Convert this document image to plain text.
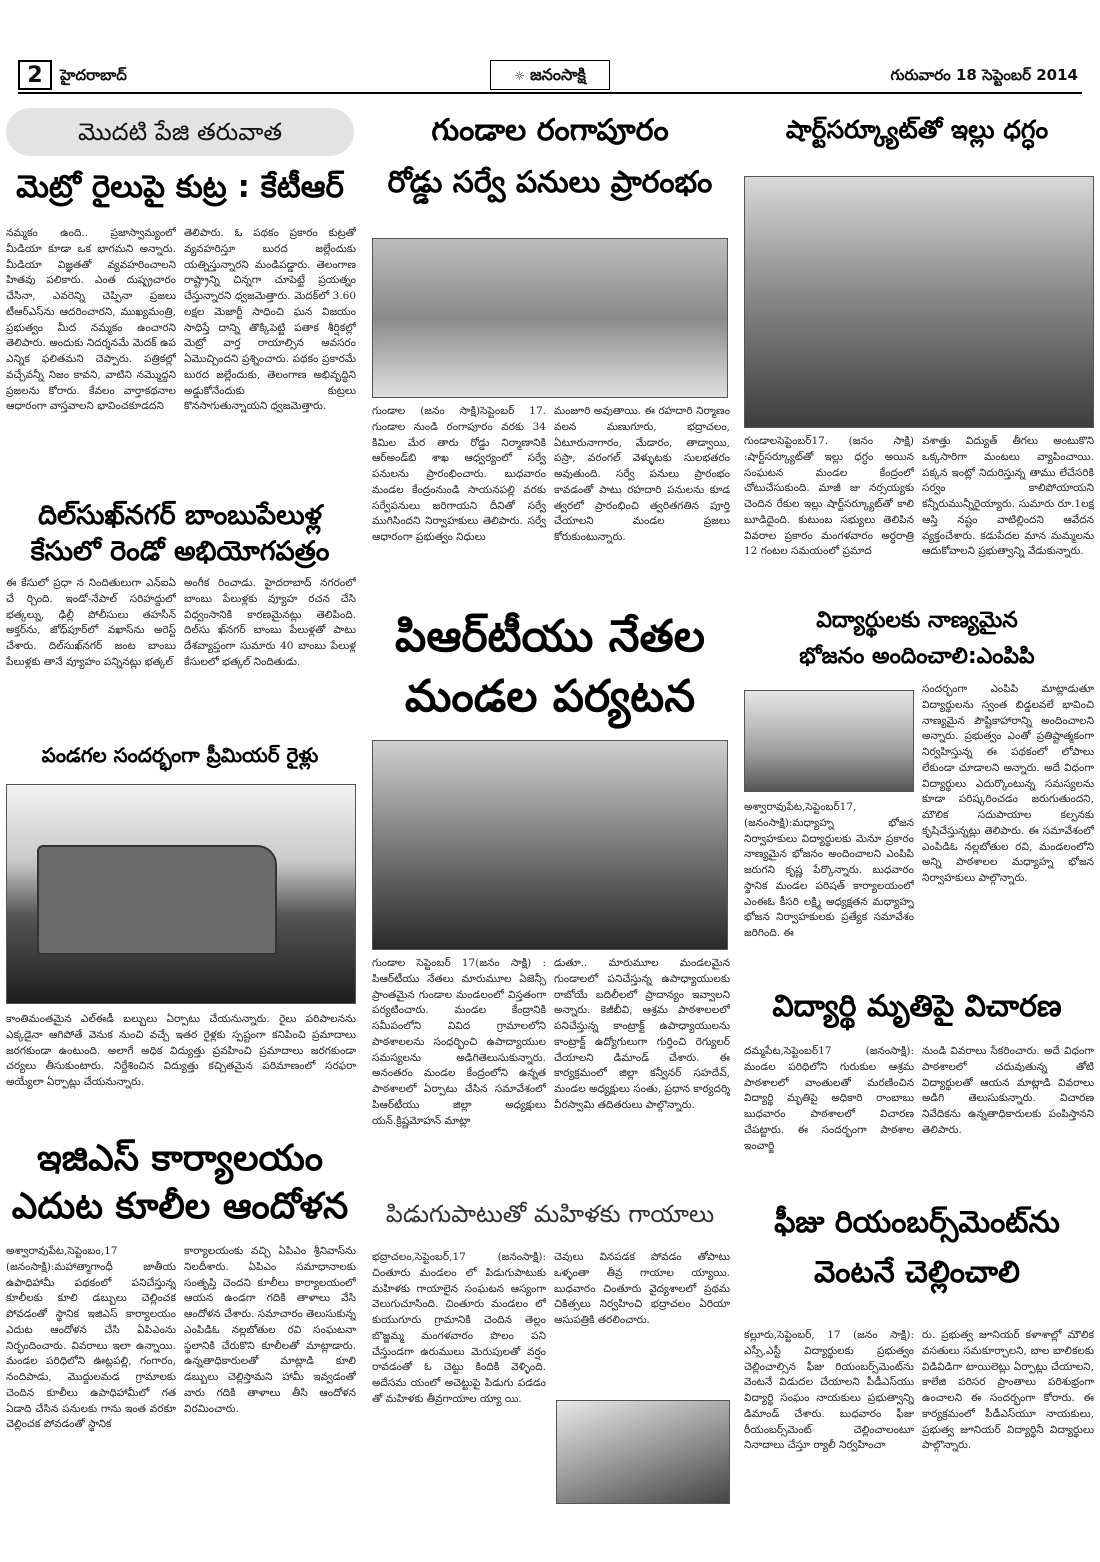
2	హైదరాబాద్	☼ జనంసాక్షి	గురువారం 18 సెప్టెంబర్ 2014
మొదటి పేజి తరువాత
మెట్రో రైలుపై కుట్ర : కేటీఆర్
నమ్మకం ఉంది.. ప్రజాస్వామ్యంలో మీడియా కూడా ఒక భాగమని అన్నారు. మీడియా విజ్ఞతతో వ్యవహరించాలని హితవు పలికారు. ఎంత దుష్ప్రచారం చేసినా, ఎవరెన్ని చెప్పినా ప్రజలు టీఆర్ఎస్‌ను ఆదరించారని, ముఖ్యమంత్రి, ప్రభుత్వం మీద నమ్మకం ఉంచారని తెలిపారు. అందుకు నిదర్శనమే మెదక్ ఉప ఎన్నిక ఫలితమని చెప్పారు. పత్రికల్లో వచ్చేవన్నీ నిజం కావని, వాటిని నమ్మొద్దని ప్రజలను కోరారు. కేవలం వార్తాకథనాల ఆధారంగా వాస్తవాలని భావించకూడదని
తెలిపారు. ఓ పథకం ప్రకారం కుట్రతో వ్యవహరిస్తూ బురద జల్లేందుకు యత్నిస్తున్నారని మండిపడ్డారు. తెలంగాణ రాష్ట్రాన్ని చిన్నగా చూపెట్టే ప్రయత్నం చేస్తున్నారని ధ్వజమెత్తారు. మెదక్‌లో 3.60 లక్షల మెజార్టీ సాధించి ఘన విజయం సాధిస్తే దాన్ని తొక్కిపెట్టి పతాక శీర్షికల్లో మెట్రో వార్త రాయాల్సిన అవసరం ఏమొచ్చిందని ప్రశ్నించారు. పథకం ప్రకారమే బురద జల్లేందుకు, తెలంగాణ అభివృద్ధిని అడ్డుకోనేందుకు కుట్రలు కొనసాగుతున్నాయని ధ్వజమెత్తారు.
దిల్‌సుఖ్‌నగర్ బాంబుపేలుళ్ల
కేసులో రెండో అభియోగపత్రం
ఈ కేసులో ప్రధా న నిందితులుగా ఎన్‌ఐఏ చే ర్చింది. ఇండో-నేపాల్ సరిహద్దులో భత్కల్ను, ఢిల్లీ పోలీసులు తహసీన్ అక్తర్‌ను, జోధ్‌పూర్‌లో వఖాస్‌ను అరెస్ట్ చేశారు. దిల్‌సుఖ్‌నగర్ జంట బాంబు పేలుళ్లకు తానే వ్యూహం పన్నినట్లు భత్కల్
అంగీక రించాడు. హైదరాబాద్ నగరంలో బాంబు పేలుళ్లకు వ్యూహ రచన చేసి విధ్వంసానికి కారణమైనట్లు తెలిపింది. దిల్‌సు ఖ్‌నగర్ బాంబు పేలుళ్లతో పాటు దేశవ్యాప్తంగా సుమారు 40 బాంబు పేలుళ్ల కేసులలో భత్కల్ నిందితుడు.
పండగల సందర్భంగా ప్రీమియర్ రైళ్లు
కాంతిమంతమైన ఎల్ఈడీ బల్బులు ఏర్పాటు చేయనున్నారు. రైలు పరిపాలనను ఎక్కడైనా ఆగిపోతే వెనుక నుంచి వచ్చే ఇతర రైళ్లకు స్పష్టంగా కనిపించి ప్రమాదాలు జరగకుండా ఉంటుంది. అలాగే అధిక విద్యుత్తు ప్రవహించి ప్రమాదాలు జరగకుండా చర్యలు తీసుకుంటారు. నిర్దేశించిన విద్యుత్తు కచ్చితమైన పరిమాణంలో సరఫరా అయ్యేలా ఏర్పాట్లు చేయనున్నారు.
ఇజిఎస్ కార్యాలయం
ఎదుట కూలీల ఆందోళన
అశ్వారావుపేట,సెప్టెంబం,17 (జనంసాక్షి):మహాత్మాగాంధీ జాతీయ ఉపాధిహామీ పథకంలో పనిచేస్తున్న కూలీలకు కూలి డబ్బులు చెల్లించక పోవడంతో స్థానిక ఇజిఎస్ కార్యాలయం ఎదుట ఆందోళన చేసి ఏపిఎంను నిర్భందించారు. వివరాలు ఇలా ఉన్నాయి. మండల పరిధిలోని ఊట్లపల్లి, గంగారం, నందిపాడు, మొద్దులమడ గ్రామాలకు చెందిన కూలీలు ఉపాధిహామీలో గత ఏడాది చేసిన పనులకు గాను ఇంత వరకూ చెల్లించక పోవడంతో స్థానిక
కార్యాలయంకు వచ్చి ఏపిఎం శ్రీనివాస్‌ను నిలదీశారు. ఏపిఎం సమాధానాలకు సంతృప్తి చెందని కూలీలు కార్యాలయంలో ఆయన ఉండగా గదికి తాళాలు వేసి ఆందోళన చేశారు. సమాచారం తెలుసుకున్న ఎంపిడిఓ నల్లబోతుల రవి సంఘటనా స్థలానికి చేరుకొని కూలీలతో మాట్లాడారు. ఉన్నతాధికారులతో మాట్లాడి కూలి డబ్బులు చెల్లిస్తామని హామీ ఇవ్వడంతో వారు గదికి తాళాలు తీసి ఆందోళన విరమించారు.
గుండాల రంగాపూరం
రోడ్డు సర్వే పనులు ప్రారంభం
గుండాల (జనం సాక్షి)సెప్టెంబర్ 17. గుండాల నుండి రంగాపూరం వరకు 34 కిమిల మేర తారు రోడ్డు నిర్మాణానికి ఆర్అండ్‌బి శాఖ ఆధ్వర్యంలో సర్వే పనులను ప్రారంభించారు. బుధవారం మండల కేంద్రంనుండి సాయనపల్లి వరకు సర్వేపనులు జరిగాయని దీనితో సర్వే ముగిసిందని నిర్వాహకులు తెలిపారు. సర్వే ఆధారంగా ప్రభుత్వం నిధులు
మంజూరి అవుతాయి. ఈ రహదారి నిర్మాణం వలన మణుగూరు, భద్రాచలం, ఏటూరునాగారం, మేడారం, తాడ్వాయి, పస్రా, వరంగల్ వెళ్ళుటకు సులభతరం అవుతుంది. సర్వే పనులు ప్రారంభం కావడంతో పాటు రహదారి పనులను కూడ త్వరలో ప్రారంభించి త్వరితగతిన పూర్తి చేయాలని మండల ప్రజలు కోరుకుంటున్నారు.
పిఆర్‌టీయు నేతల
మండల పర్యటన
గుండాల సెప్టెంబర్ 17(జనం సాక్షి) : పిఆర్‌టీయు నేతలు మారుమూల ఏజెన్సీ ప్రాంతమైన గుండాల మండలంలో విస్తతంగా పర్యటించారు. మండల కేంద్రానికి సమీపంలోని వివిద గ్రామాలలోని పాఠశాలలను సంధర్భించి ఉపాద్యాయుల సమస్యలను అడిగితెలుసుకున్నారు. అనంతరం మండల కేంద్రంలోని ఉన్నత పాఠశాలలో ఏర్పాటు చేసిన సమావేశంలో పిఆర్‌టీయు జిల్లా అధ్యక్షులు యన్.క్రిష్ణమోహన్ మాట్లా
డుతూ.. మారుమూల మండలమైన గుండాలలో పనిచేస్తున్న ఉపాధ్యాయులకు రాబోయే బదిలీలలో ప్రాదాన్యం ఇవ్వాలని అన్నారు. కెజీబీవి, ఆశ్రమ పాఠశాలలలో పనిచేస్తున్న కాంట్రాక్ట్ ఉపాధ్యాయులను కాంట్రాక్ట్ ఉద్యోగులుగా గుర్తించి రెగ్యులర్ చేయాలని డిమాండ్ చేశారు. ఈ కార్యక్రమంలో జిల్లా కన్వీనర్ సహదేవ్, మండల అధ్యక్షులు సంతు, ప్రధాన కార్యదర్శి వీరస్వామి తదితరులు పాల్గొన్నారు.
పిడుగుపాటుతో మహిళకు గాయాలు
భద్రాచలం,సెప్టెంబర్,17 (జనంసాక్షి): చింతూరు మండలం లో పిడుగుపాటుకు మహిళకు గాయాలైన సంఘటన ఆస్యంగా వెలుగుచూసింది. చింతూరు మండలం లో కుయుగూరు గ్రామానికి చెందిన తెల్లం బొజ్జమ్మ మంగళవారం పొలం పని చేస్తుండగా ఉరుములు మెరుపులతో వర్షం రావడంతో ఓ చెట్టు కిందికి వెళ్ళింది. అదేసమ యంలో అచెట్టుపై పిడుగు పడడం తో మహిళకు తీవ్రగాయాల య్యా యి.
చెవులు వినపడక పోవడం తోపాటు ఒళ్ళంతా తీవ్ర గాయాల య్యాయి. బుధవారం చింతూరు వైద్యశాలలో ప్రథమ చికిత్సలు నిర్వహించి భద్రాచలం ఏరియా ఆసుపత్రికి తరలించారు.
షార్ట్‌సర్క్యూట్‌తో ఇల్లు ధగ్ధం
గుండాలసెప్టెంబర్17. (జనం సాక్షి) :షార్ట్‌సర్క్యూట్‌తో ఇల్లు ధగ్ధం అయిన సంఘటన మండల కేంద్రంలో చోటుచేసుకుంది. మాజీ జు నర్సయ్యకు చెందిన రేకుల ఇల్లు షార్ట్‌సర్క్యూట్‌తో కాలి బూడిదైంది. కుటుంబ సభ్యులు తెలిపిన వివరాల ప్రకారం మంగళవారం అర్ధరాత్రి 12 గంటల సమయంలో ప్రమాద
వశాత్తు విద్యుత్ తీగలు అంటుకొని ఒక్కసారిగా మంటలు వ్యాపించాయి. పక్కన ఇంట్లో నిదురిస్తున్న తాము లేచేసరికి సర్వం కాలిపోయాయని కన్నీరుమున్నీరైయ్యారు. సుమారు రూ.1లక్ష ఆస్తి నష్టం వాటిల్లిందని ఆవేదన వ్యక్తంచేశారు. కడుపేదల మాన మమ్మలను ఆదుకోవాలని ప్రభుత్వాన్ని వేడుకున్నారు.
విద్యార్థులకు నాణ్యమైన
భోజనం అందించాలి:ఎంపిపి
సందర్భంగా ఎంపిపి మాట్లాడుతూ విద్యార్థులను స్వంత బిడ్డలవలే భావించి నాణ్యమైన పౌష్టికాహారాన్ని అందించాలని అన్నారు. ప్రభుత్వం ఎంతో ప్రతిష్టాత్మకంగా నిర్వహిస్తున్న ఈ పథకంలో లోపాలు లేకుండా చూడాలని అన్నారు. అదే విధంగా విద్యార్థులు ఎదుర్కొంటున్న సమస్యలను కూడా పరిష్కరించడం జరుగుతుందని, మౌలిక సదుపాయాల కల్పనకు కృషిచేస్తున్నట్లు తెలిపారు. ఈ సమావేశంలో ఎంపిడిఓ నల్లబోతుల రవి, మండలంలోని అన్ని పాఠశాలల మధ్యాహ్న భోజన నిర్వాహకులు పాల్గొన్నారు.
అశ్వారావుపేట,సెప్టెంబర్17, (జనంసాక్షి):మధ్యాహ్న భోజన నిర్వాహకులు విద్యార్థులకు మెనూ ప్రకారం నాణ్యమైన భోజనం అందించాలని ఎంపిపి జరుగని కృష్ణ పేర్కొన్నారు. బుధవారం స్థానిక మండల పరిషత్ కార్యాలయంలో ఎంఈఓ కీసరి లక్ష్మి అధ్యక్షతన మధ్యాహ్న భోజన నిర్వాహకులకు ప్రత్యేక సమావేశం జరిగింది. ఈ
విద్యార్థి మృతిపై విచారణ
దమ్మపేట,సెప్టెంబర్17 (జనంసాక్షి): మండల పరిధిలోని గురుకుల ఆశ్రమ పాఠశాలలో వాంతులతో మరణించిన విద్యార్థి మృతిపై అధికారి రాంబాబు బుధవారం పాఠశాలలో విచారణ చేపట్టారు. ఈ సందర్భంగా పాఠశాల ఇంచార్జి
నుండి వివరాలు సేకరించారు. అదే విధంగా పాఠశాలలో చదువుతున్న తోటి విద్యార్థులతో ఆయన మాట్లాడి వివరాలు అడిగి తెలుసుకున్నారు. విచారణ నివేదికను ఉన్నతాధికారులకు పంపిస్తానని తెలిపారు.
ఫీజు రియంబర్స్‌మెంట్‌ను
వెంటనే చెల్లించాలి
కల్లూరు,సెప్టెంబర్, 17 (జనం సాక్షి): ఎస్సీ,ఎస్టీ విద్యార్థులకు ప్రభుత్వం చెల్లించాల్సిన ఫీజు రియంబర్స్‌మెంట్‌ను వెంటనే విడుదల చేయాలని పీడీఎస్‌యు విద్యార్థి సంఘం నాయకులు ప్రభుత్వాన్ని డిమాండ్ చేశారు. బుధవారం ఫీజు రీయంబర్స్‌మెంట్ చెల్లించాలంటూ నినాదాలు చేస్తూ ర్యాలీ నిర్వహించా
రు. ప్రభుత్వ జూనియర్ కళాశాల్లో మౌలిక వసతులు సమకూర్చాలని, బాల బాలికలకు విడివిడిగా టాయిలెట్లు ఏర్పాట్లు చేయాలని, కాలేజి పరిసర ప్రాంతాలు పరిశుభ్రంగా ఉంచాలని ఈ సందర్భంగా కోరారు. ఈ కార్యక్రమంలో పీడీఎస్‌యూ నాయకులు, ప్రభుత్వ జూనియర్ విద్యార్థినీ విద్యార్థులు పాల్గొన్నారు.
